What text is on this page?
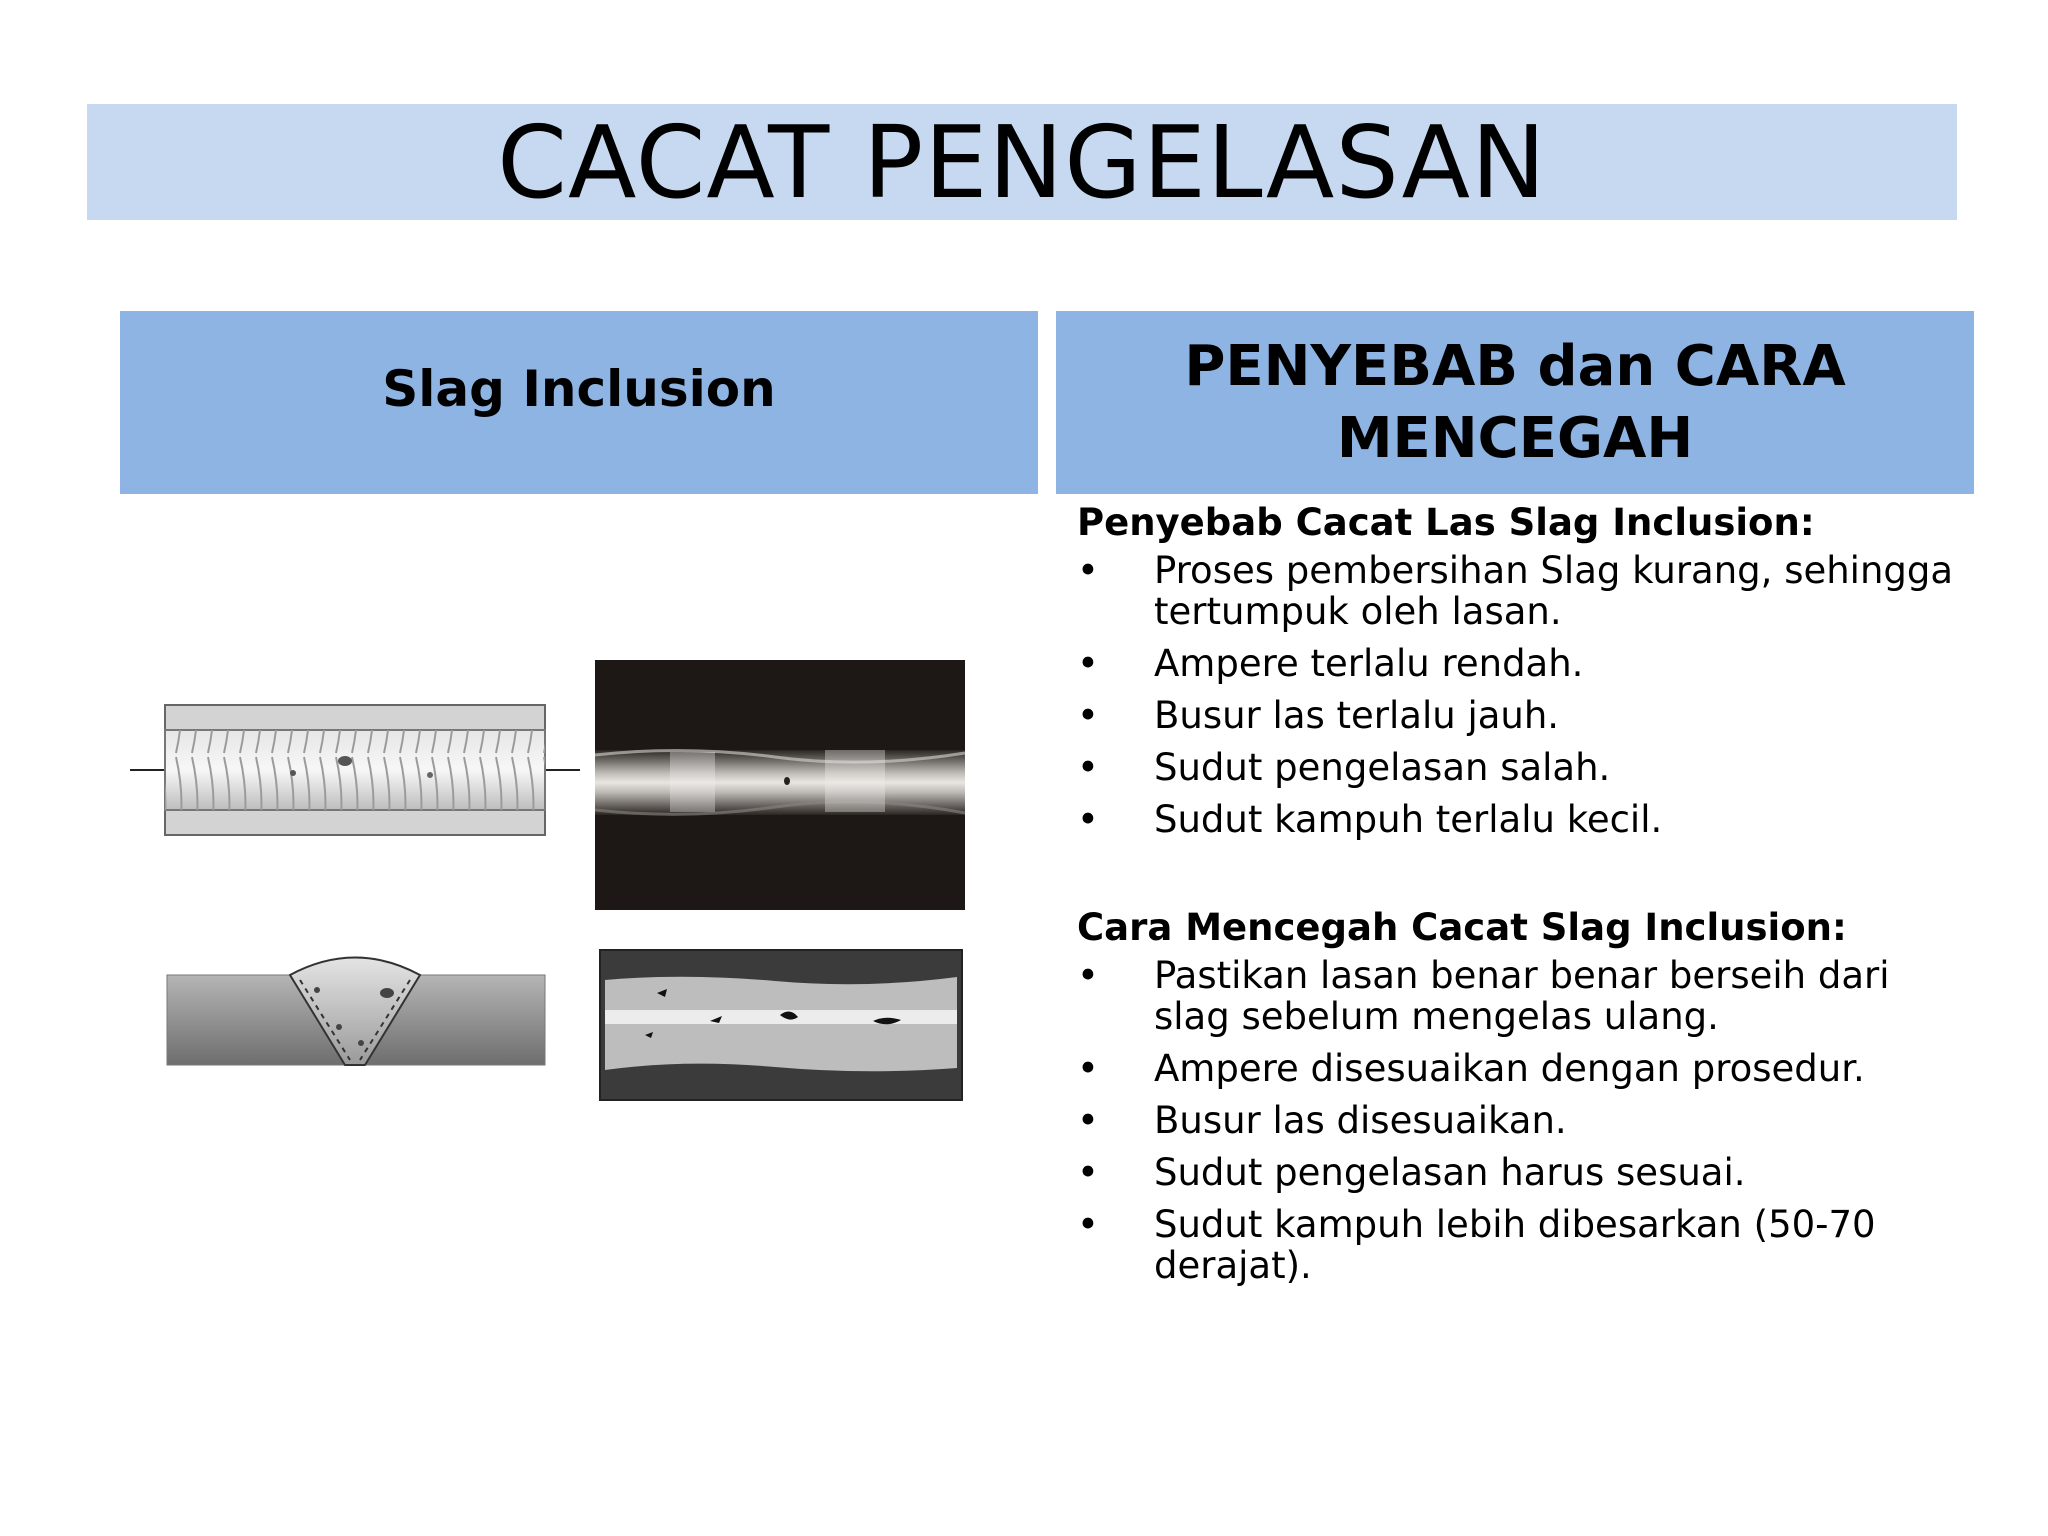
CACAT PENGELASAN
Slag Inclusion	PENYEBAB dan CARA MENCEGAH

Penyebab Cacat Las Slag Inclusion:

• Proses pembersihan Slag kurang, sehingga tertumpuk oleh lasan.
• Ampere terlalu rendah.
• Busur las terlalu jauh.
• Sudut pengelasan salah.
• Sudut kampuh terlalu kecil.

Cara Mencegah Cacat Slag Inclusion:

• Pastikan lasan benar benar berseih dari slag sebelum mengelas ulang.
• Ampere disesuaikan dengan prosedur.
• Busur las disesuaikan.
• Sudut pengelasan harus sesuai.
• Sudut kampuh lebih dibesarkan (50-70 derajat).
